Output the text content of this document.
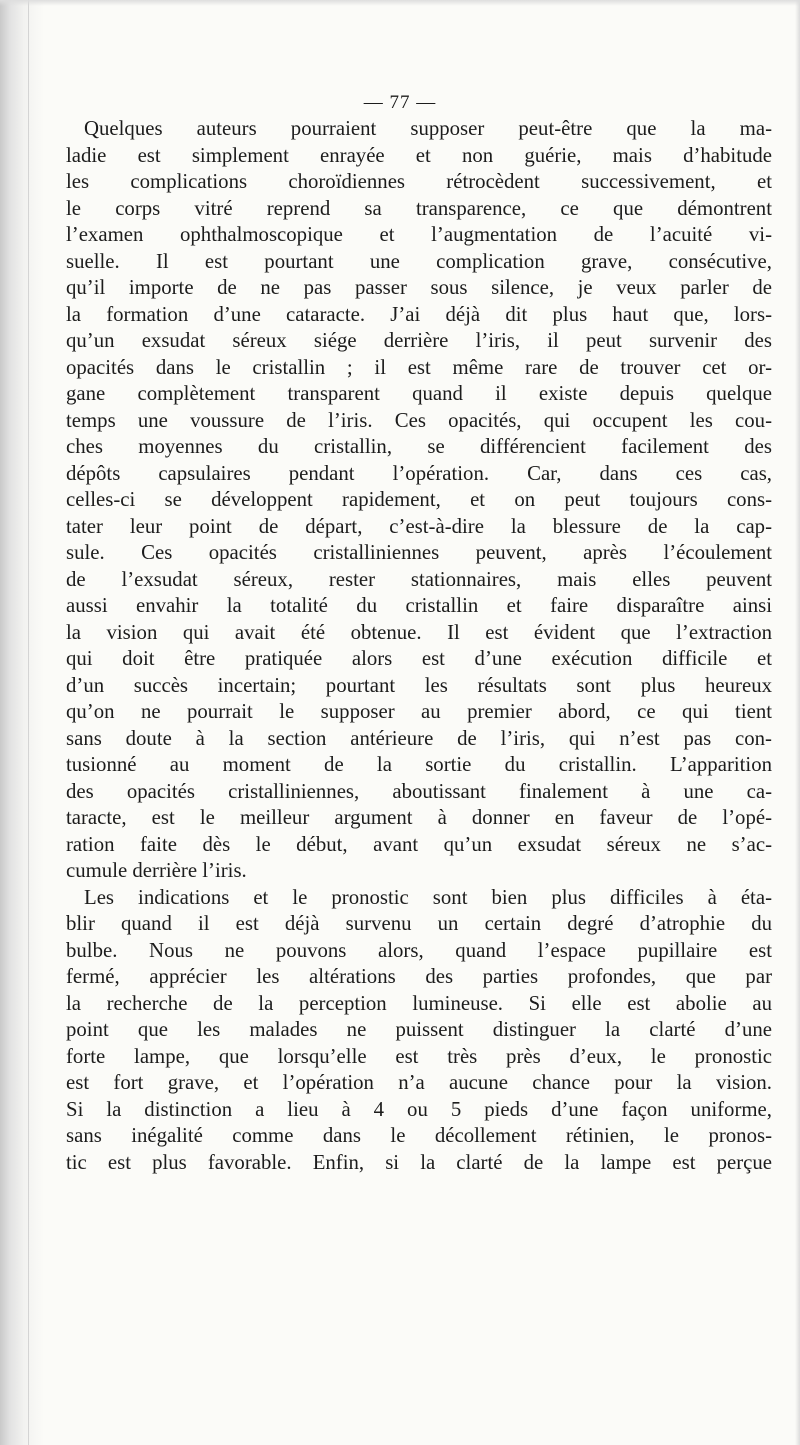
— 77 —
Quelques auteurs pourraient supposer peut-être que la ma-
ladie est simplement enrayée et non guérie, mais d’habitude
les complications choroïdiennes rétrocèdent successivement, et
le corps vitré reprend sa transparence, ce que démontrent
l’examen ophthalmoscopique et l’augmentation de l’acuité vi-
suelle. Il est pourtant une complication grave, consécutive,
qu’il importe de ne pas passer sous silence, je veux parler de
la formation d’une cataracte. J’ai déjà dit plus haut que, lors-
qu’un exsudat séreux siége derrière l’iris, il peut survenir des
opacités dans le cristallin ; il est même rare de trouver cet or-
gane complètement transparent quand il existe depuis quelque
temps une voussure de l’iris. Ces opacités, qui occupent les cou-
ches moyennes du cristallin, se différencient facilement des
dépôts capsulaires pendant l’opération. Car, dans ces cas,
celles-ci se développent rapidement, et on peut toujours cons-
tater leur point de départ, c’est-à-dire la blessure de la cap-
sule. Ces opacités cristalliniennes peuvent, après l’écoulement
de l’exsudat séreux, rester stationnaires, mais elles peuvent
aussi envahir la totalité du cristallin et faire disparaître ainsi
la vision qui avait été obtenue. Il est évident que l’extraction
qui doit être pratiquée alors est d’une exécution difficile et
d’un succès incertain; pourtant les résultats sont plus heureux
qu’on ne pourrait le supposer au premier abord, ce qui tient
sans doute à la section antérieure de l’iris, qui n’est pas con-
tusionné au moment de la sortie du cristallin. L’apparition
des opacités cristalliniennes, aboutissant finalement à une ca-
taracte, est le meilleur argument à donner en faveur de l’opé-
ration faite dès le début, avant qu’un exsudat séreux ne s’ac-
cumule derrière l’iris.
Les indications et le pronostic sont bien plus difficiles à éta-
blir quand il est déjà survenu un certain degré d’atrophie du
bulbe. Nous ne pouvons alors, quand l’espace pupillaire est
fermé, apprécier les altérations des parties profondes, que par
la recherche de la perception lumineuse. Si elle est abolie au
point que les malades ne puissent distinguer la clarté d’une
forte lampe, que lorsqu’elle est très près d’eux, le pronostic
est fort grave, et l’opération n’a aucune chance pour la vision.
Si la distinction a lieu à 4 ou 5 pieds d’une façon uniforme,
sans inégalité comme dans le décollement rétinien, le pronos-
tic est plus favorable. Enfin, si la clarté de la lampe est perçue
